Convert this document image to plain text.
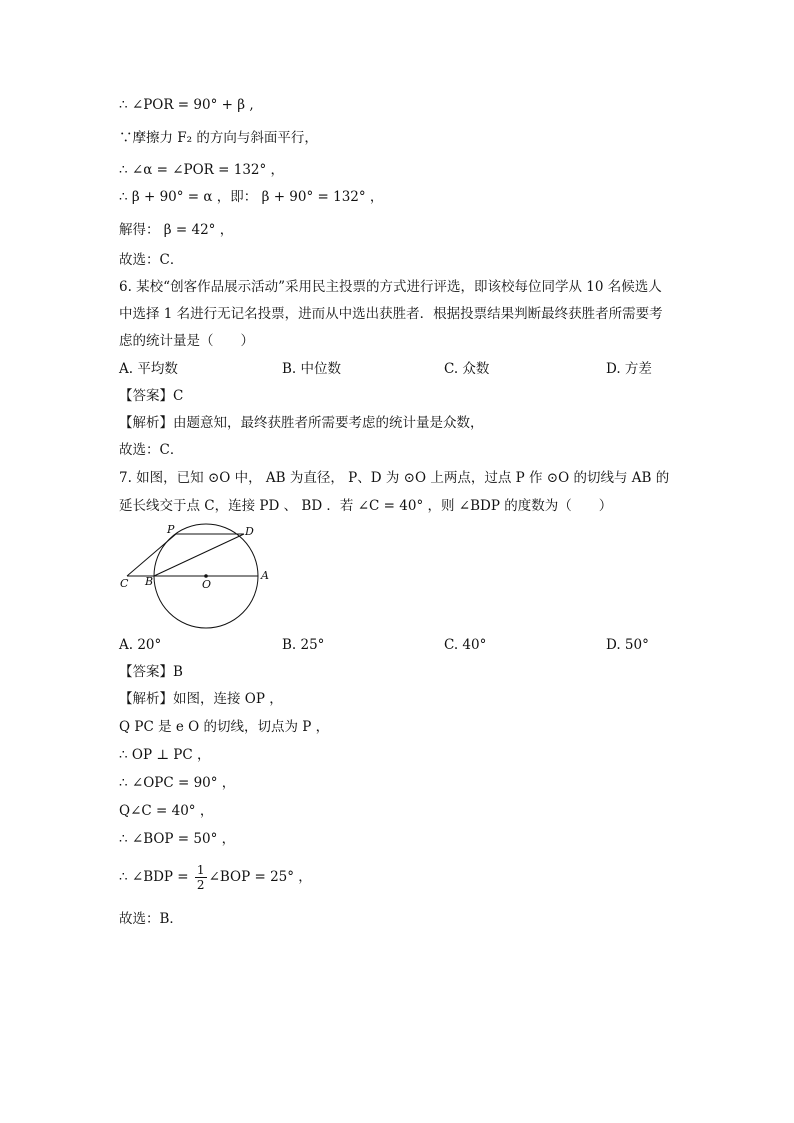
∴ ∠POR = 90° + β ,
∵摩擦力 F₂ 的方向与斜面平行，
∴ ∠α = ∠POR = 132° ，
∴ β + 90° = α ，即： β + 90° = 132° ，
解得： β = 42° ，
故选：C．
6. 某校“创客作品展示活动”采用民主投票的方式进行评选，即该校每位同学从 10 名候选人
中选择 1 名进行无记名投票，进而从中选出获胜者．根据投票结果判断最终获胜者所需要考
虑的统计量是（　　）
A. 平均数	B. 中位数	C. 众数	D. 方差
【答案】C
【解析】由题意知，最终获胜者所需要考虑的统计量是众数，
故选：C．
7. 如图，已知 ⊙O 中， AB 为直径， P、D 为 ⊙O 上两点，过点 P 作 ⊙O 的切线与 AB 的
延长线交于点 C，连接 PD 、 BD ．若 ∠C = 40° ，则 ∠BDP 的度数为（　　）
P	D
C B	O
A
A. 20°	B. 25°	C. 40°	D. 50°
【答案】B
【解析】如图，连接 OP ，
Q PC 是 e O 的切线，切点为 P ，
∴ OP ⊥ PC ，
∴ ∠OPC = 90° ，
Q∠C = 40° ，
∴ ∠BOP = 50° ，
∴ ∠BDP = $\frac{1}{2}$ ∠BOP = 25° ，
故选：B．
